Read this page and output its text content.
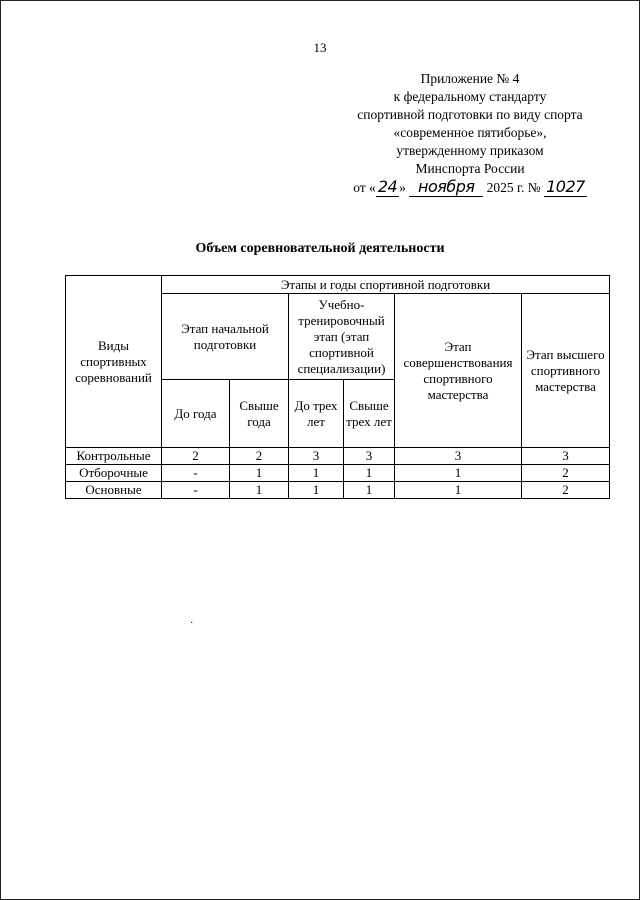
13
Приложение № 4
к федеральному стандарту
спортивной подготовки по виду спорта
«современное пятиборье»,
утвержденному приказом
Минспорта России
от « 24 » ноября 2025 г. № 1027
Объем соревновательной деятельности
Виды спортивных соревнований	Этапы и годы спортивной подготовки					
	Этап начальной подготовки		Учебно-тренировочный этап (этап спортивной специализации)		Этап совершенствования спортивного мастерства	Этап высшего спортивного мастерства
	До года	Свыше года	До трех лет	Свыше трех лет		
Контрольные	2	2	3	3	3	3
Отборочные	-	1	1	1	1	2
Основные	-	1	1	1	1	2
·
